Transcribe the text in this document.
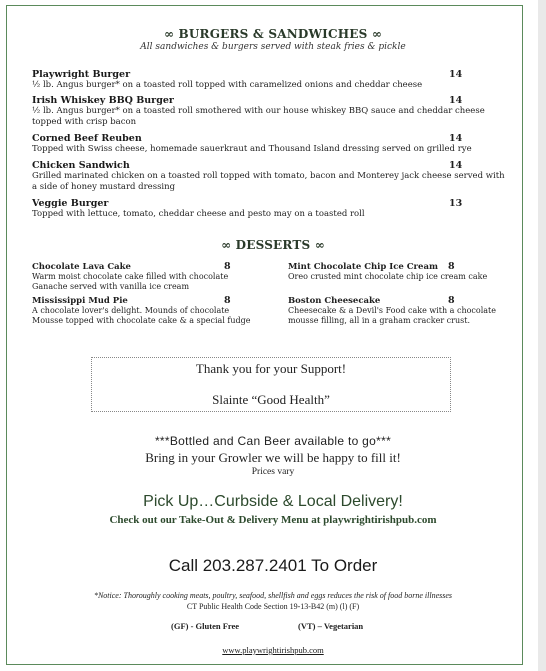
∞ BURGERS & SANDWICHES ∞
All sandwiches & burgers served with steak fries & pickle
Playwright Burger	14
½ lb. Angus burger* on a toasted roll topped with caramelized onions and cheddar cheese
Irish Whiskey BBQ Burger	14
½ lb. Angus burger* on a toasted roll smothered with our house whiskey BBQ sauce and cheddar cheese topped with crisp bacon
Corned Beef Reuben	14
Topped with Swiss cheese, homemade sauerkraut and Thousand Island dressing served on grilled rye
Chicken Sandwich	14
Grilled marinated chicken on a toasted roll topped with tomato, bacon and Monterey jack cheese served with a side of honey mustard dressing
Veggie Burger	13
Topped with lettuce, tomato, cheddar cheese and pesto may on a toasted roll
∞ DESSERTS ∞
Chocolate Lava Cake	8
Warm moist chocolate cake filled with chocolate Ganache served with vanilla ice cream
Mint Chocolate Chip Ice Cream 8
Oreo crusted mint chocolate chip ice cream cake
Mississippi Mud Pie	8
A chocolate lover's delight. Mounds of chocolate Mousse topped with chocolate cake & a special fudge
Boston Cheesecake	8
Cheesecake & a Devil's Food cake with a chocolate mousse filling, all in a graham cracker crust.
Thank you for your Support!
Slainte “Good Health”
***Bottled and Can Beer available to go***
Bring in your Growler we will be happy to fill it!
Prices vary
Pick Up…Curbside & Local Delivery!
Check out our Take-Out & Delivery Menu at playwrightirishpub.com
Call 203.287.2401 To Order
*Notice: Thoroughly cooking meats, poultry, seafood, shellfish and eggs reduces the risk of food borne illnesses
CT Public Health Code Section 19-13-B42 (m) (l) (F)
(GF) - Gluten Free	(VT) – Vegetarian
www.playwrightirishpub.com
